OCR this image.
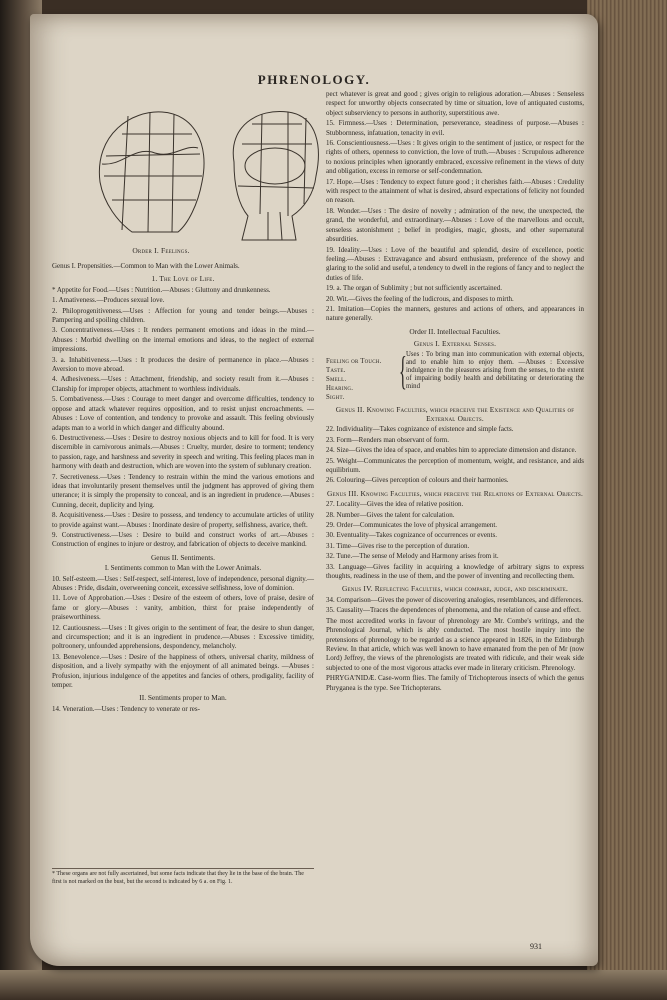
PHRENOLOGY.
Order I. Feelings.

Genus I. Propensities.—Common to Man with the Lower Animals.

1. The Love of Life.

* Appetite for Food.—Uses : Nutrition.—Abuses : Gluttony and drunkenness.

1. Amativeness.—Produces sexual love.

2. Philoprogenitiveness.—Uses : Affection for young and tender beings.—Abuses : Pampering and spoiling children.

3. Concentrativeness.—Uses : It renders permanent emotions and ideas in the mind.—Abuses : Morbid dwelling on the internal emotions and ideas, to the neglect of external impressions.

3. a. Inhabitiveness.—Uses : It produces the desire of permanence in place.—Abuses : Aversion to move abroad.

4. Adhesiveness.—Uses : Attachment, friendship, and society result from it.—Abuses : Clanship for improper objects, attachment to worthless individuals.

5. Combativeness.—Uses : Courage to meet danger and overcome difficulties, tendency to oppose and attack whatever requires opposition, and to resist unjust encroachments. —Abuses : Love of contention, and tendency to provoke and assault. This feeling obviously adapts man to a world in which danger and difficulty abound.

6. Destructiveness.—Uses : Desire to destroy noxious objects and to kill for food. It is very discernible in carnivorous animals.—Abuses : Cruelty, murder, desire to torment; tendency to passion, rage, and harshness and severity in speech and writing. This feeling places man in harmony with death and destruction, which are woven into the system of sublunary creation.

7. Secretiveness.—Uses : Tendency to restrain within the mind the various emotions and ideas that involuntarily present themselves until the judgment has approved of giving them utterance; it is simply the propensity to conceal, and is an ingredient in prudence.—Abuses : Cunning, deceit, duplicity and lying.

8. Acquisitiveness.—Uses : Desire to possess, and tendency to accumulate articles of utility to provide against want.—Abuses : Inordinate desire of property, selfishness, avarice, theft.

9. Constructiveness.—Uses : Desire to build and construct works of art.—Abuses : Construction of engines to injure or destroy, and fabrication of objects to deceive mankind.

Genus II. Sentiments.

I. Sentiments common to Man with the Lower Animals.

10. Self-esteem.—Uses : Self-respect, self-interest, love of independence, personal dignity.—Abuses : Pride, disdain, overweening conceit, excessive selfishness, love of dominion.

11. Love of Approbation.—Uses : Desire of the esteem of others, love of praise, desire of fame or glory.—Abuses : vanity, ambition, thirst for praise independently of praiseworthiness.

12. Cautiousness.—Uses : It gives origin to the sentiment of fear, the desire to shun danger, and circumspection; and it is an ingredient in prudence.—Abuses : Excessive timidity, poltroonery, unfounded apprehensions, despondency, melancholy.

13. Benevolence.—Uses : Desire of the happiness of others, universal charity, mildness of disposition, and a lively sympathy with the enjoyment of all animated beings. —Abuses : Profusion, injurious indulgence of the appetites and fancies of others, prodigality, facility of temper.

II. Sentiments proper to Man.

14. Veneration.—Uses : Tendency to venerate or res-

* These organs are not fully ascertained, but some facts indicate that they lie in the base of the brain. The first is not marked on the bust, but the second is indicated by 6 a. on Fig. 1.

pect whatever is great and good ; gives origin to religious adoration.—Abuses : Senseless respect for unworthy objects consecrated by time or situation, love of antiquated customs, object subserviency to persons in authority, superstitious awe.

15. Firmness.—Uses : Determination, perseverance, steadiness of purpose.—Abuses : Stubbornness, infatuation, tenacity in evil.

16. Conscientiousness.—Uses : It gives origin to the sentiment of justice, or respect for the rights of others, openness to conviction, the love of truth.—Abuses : Scrupulous adherence to noxious principles when ignorantly embraced, excessive refinement in the views of duty and obligation, excess in remorse or self-condemnation.

17. Hope.—Uses : Tendency to expect future good ; it cherishes faith.—Abuses : Credulity with respect to the attainment of what is desired, absurd expectations of felicity not founded on reason.

18. Wonder.—Uses : The desire of novelty ; admiration of the new, the unexpected, the grand, the wonderful, and extraordinary.—Abuses : Love of the marvellous and occult, senseless astonishment ; belief in prodigies, magic, ghosts, and other supernatural absurdities.

19. Ideality.—Uses : Love of the beautiful and splendid, desire of excellence, poetic feeling.—Abuses : Extravagance and absurd enthusiasm, preference of the showy and glaring to the solid and useful, a tendency to dwell in the regions of fancy and to neglect the duties of life.

19. a. The organ of Sublimity ; but not sufficiently ascertained.

20. Wit.—Gives the feeling of the ludicrous, and disposes to mirth.

21. Imitation—Copies the manners, gestures and actions of others, and appearances in nature generally.

Order II. Intellectual Faculties.

Genus I. External Senses.

Feeling or Touch.
Taste.
Smell.
Hearing.
Sight.
{ Uses : To bring man into communication with external objects, and to enable him to enjoy them. —Abuses : Excessive indulgence in the pleasures arising from the senses, to the extent of impairing bodily health and debilitating or deteriorating the mind

Genus II. Knowing Faculties, which perceive the Existence and Qualities of External Objects.

22. Individuality—Takes cognizance of existence and simple facts.

23. Form—Renders man observant of form.

24. Size—Gives the idea of space, and enables him to appreciate dimension and distance.

25. Weight—Communicates the perception of momentum, weight, and resistance, and aids equilibrium.

26. Colouring—Gives perception of colours and their harmonies.

Genus III. Knowing Faculties, which perceive the Relations of External Objects.

27. Locality—Gives the idea of relative position.

28. Number—Gives the talent for calculation.

29. Order—Communicates the love of physical arrangement.

30. Eventuality—Takes cognizance of occurrences or events.

31. Time—Gives rise to the perception of duration.

32. Tune.—The sense of Melody and Harmony arises from it.

33. Language—Gives facility in acquiring a knowledge of arbitrary signs to express thoughts, readiness in the use of them, and the power of inventing and recollecting them.

Genus IV. Reflecting Faculties, which compare, judge, and discriminate.

34. Comparison—Gives the power of discovering analogies, resemblances, and differences.

35. Causality—Traces the dependences of phenomena, and the relation of cause and effect.

The most accredited works in favour of phrenology are Mr. Combe's writings, and the Phrenological Journal, which is ably conducted. The most hostile inquiry into the pretensions of phrenology to be regarded as a science appeared in 1826, in the Edinburgh Review. In that article, which was well known to have emanated from the pen of Mr (now Lord) Jeffrey, the views of the phrenologists are treated with ridicule, and their weak side subjected to one of the most vigorous attacks ever made in literary criticism. Phrenology.

PHRYGA'NIDÆ. Case-worm flies. The family of Trichopterous insects of which the genus Phryganea is the type. See Trichopterans.

931
